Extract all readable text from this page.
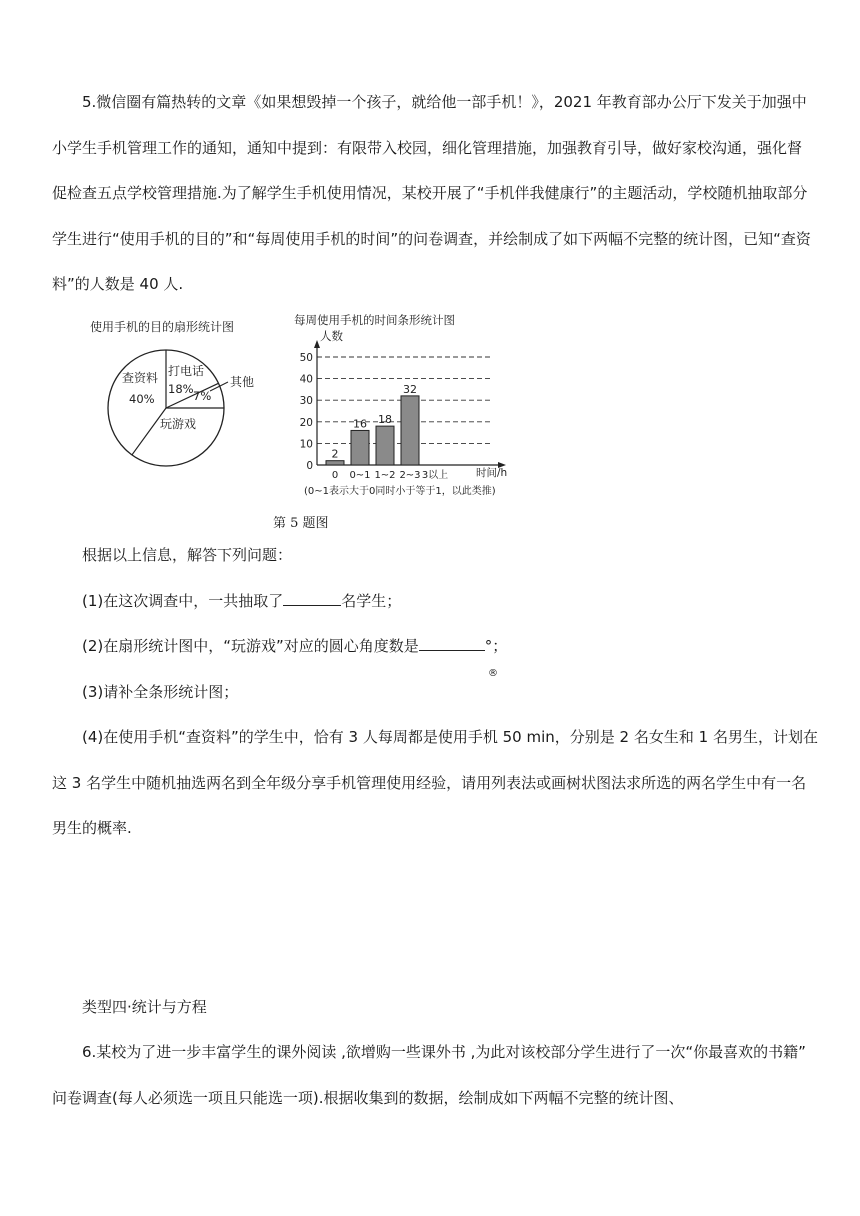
5.微信圈有篇热转的文章《如果想毁掉一个孩子，就给他一部手机！》，2021 年教育部办公厅下发关于加强中
小学生手机管理工作的通知，通知中提到：有限带入校园，细化管理措施，加强教育引导，做好家校沟通，强化督
促检查五点学校管理措施.为了解学生手机使用情况，某校开展了“手机伴我健康行”的主题活动，学校随机抽取部分
学生进行“使用手机的目的”和“每周使用手机的时间”的问卷调查，并绘制成了如下两幅不完整的统计图，已知“查资
料”的人数是 40 人.
使用手机的目的扇形统计图
查资料
40%
打电话
18%	其他
7%
玩游戏
每周使用手机的时间条形统计图
人数
2
16 18
32
0
10
20
30
40
50
0 0~1 1~2 2~3 3以上	时间/h
(0~1表示大于0同时小于等于1，以此类推)
第 5 题图
根据以上信息，解答下列问题：
(1)在这次调查中，一共抽取了	名学生；
(2)在扇形统计图中，“玩游戏”对应的圆心角度数是	°；
®
(3)请补全条形统计图；
(4)在使用手机“查资料”的学生中，恰有 3 人每周都是使用手机 50 min，分别是 2 名女生和 1 名男生，计划在
这 3 名学生中随机抽选两名到全年级分享手机管理使用经验，请用列表法或画树状图法求所选的两名学生中有一名
男生的概率.
类型四·统计与方程
6.某校为了进一步丰富学生的课外阅读 ,欲增购一些课外书 ,为此对该校部分学生进行了一次“你最喜欢的书籍”
问卷调查(每人必须选一项且只能选一项).根据收集到的数据，绘制成如下两幅不完整的统计图、
